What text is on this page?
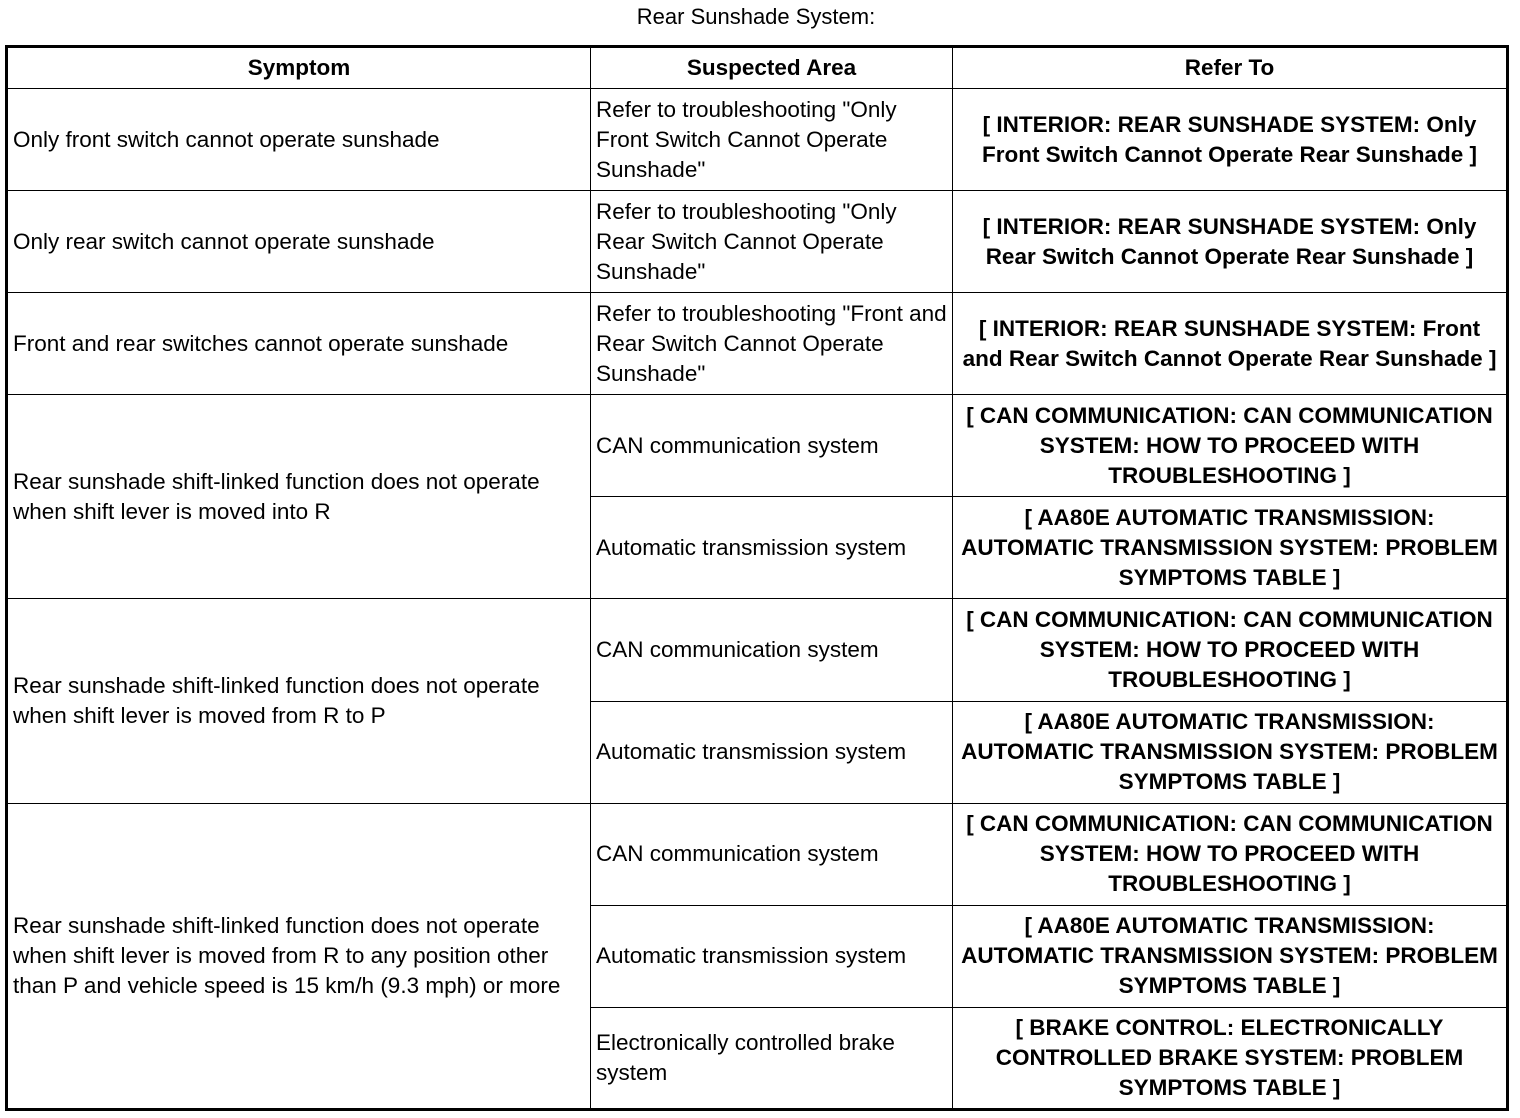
Rear Sunshade System:
Symptom	Suspected Area	Refer To
Only front switch cannot operate sunshade	Refer to troubleshooting "Only Front Switch Cannot Operate Sunshade"	[ INTERIOR: REAR SUNSHADE SYSTEM: Only Front Switch Cannot Operate Rear Sunshade ]
Only rear switch cannot operate sunshade	Refer to troubleshooting "Only Rear Switch Cannot Operate Sunshade"	[ INTERIOR: REAR SUNSHADE SYSTEM: Only Rear Switch Cannot Operate Rear Sunshade ]
Front and rear switches cannot operate sunshade	Refer to troubleshooting "Front and Rear Switch Cannot Operate Sunshade"	[ INTERIOR: REAR SUNSHADE SYSTEM: Front and Rear Switch Cannot Operate Rear Sunshade ]
Rear sunshade shift-linked function does not operate when shift lever is moved into R	CAN communication system	[ CAN COMMUNICATION: CAN COMMUNICATION SYSTEM: HOW TO PROCEED WITH TROUBLESHOOTING ]
	Automatic transmission system	[ AA80E AUTOMATIC TRANSMISSION: AUTOMATIC TRANSMISSION SYSTEM: PROBLEM SYMPTOMS TABLE ]
Rear sunshade shift-linked function does not operate when shift lever is moved from R to P	CAN communication system	[ CAN COMMUNICATION: CAN COMMUNICATION SYSTEM: HOW TO PROCEED WITH TROUBLESHOOTING ]
	Automatic transmission system	[ AA80E AUTOMATIC TRANSMISSION: AUTOMATIC TRANSMISSION SYSTEM: PROBLEM SYMPTOMS TABLE ]
Rear sunshade shift-linked function does not operate when shift lever is moved from R to any position other than P and vehicle speed is 15 km/h (9.3 mph) or more	CAN communication system	[ CAN COMMUNICATION: CAN COMMUNICATION SYSTEM: HOW TO PROCEED WITH TROUBLESHOOTING ]
	Automatic transmission system	[ AA80E AUTOMATIC TRANSMISSION: AUTOMATIC TRANSMISSION SYSTEM: PROBLEM SYMPTOMS TABLE ]
	Electronically controlled brake system	[ BRAKE CONTROL: ELECTRONICALLY CONTROLLED BRAKE SYSTEM: PROBLEM SYMPTOMS TABLE ]
